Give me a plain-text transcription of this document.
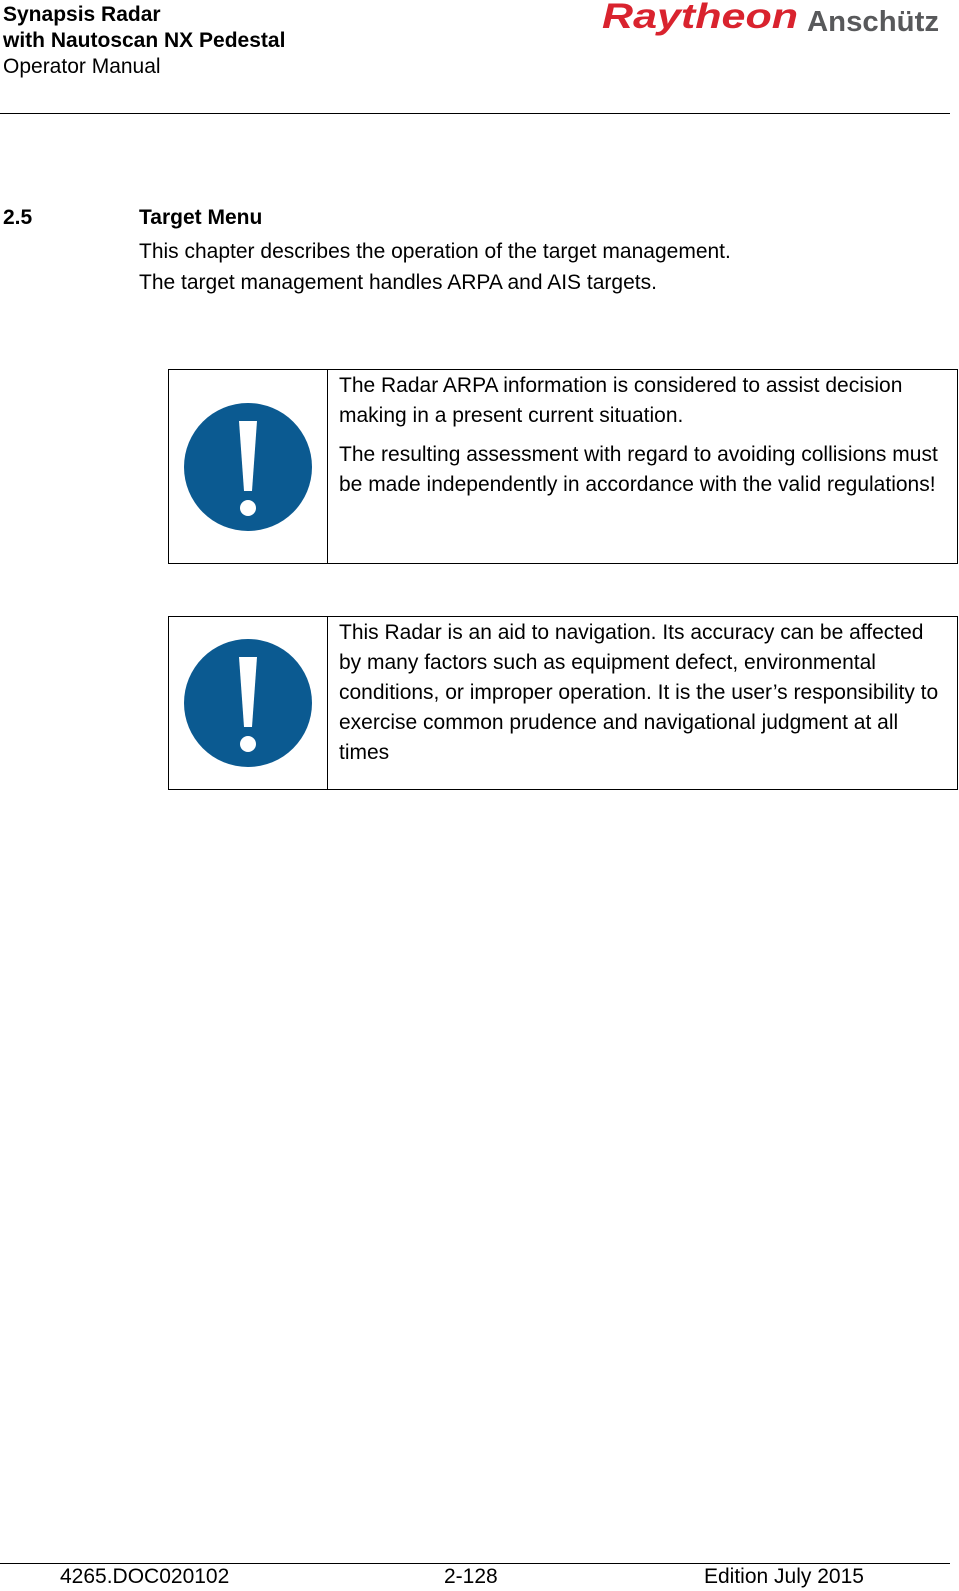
Synapsis Radar
with Nautoscan NX Pedestal
Operator Manual
Raytheon Anschütz
2.5	Target Menu

This chapter describes the operation of the target management.

The target management handles ARPA and AIS targets.

The Radar ARPA information is considered to assist decision making in a present current situation.

The resulting assessment with regard to avoiding collisions must be made independently in accordance with the valid regulations!

This Radar is an aid to navigation. Its accuracy can be affected by many factors such as equipment defect, environmental conditions, or improper operation. It is the user’s responsibility to exercise common prudence and navigational judgment at all times

4265.DOC020102	2-128	Edition July 2015
